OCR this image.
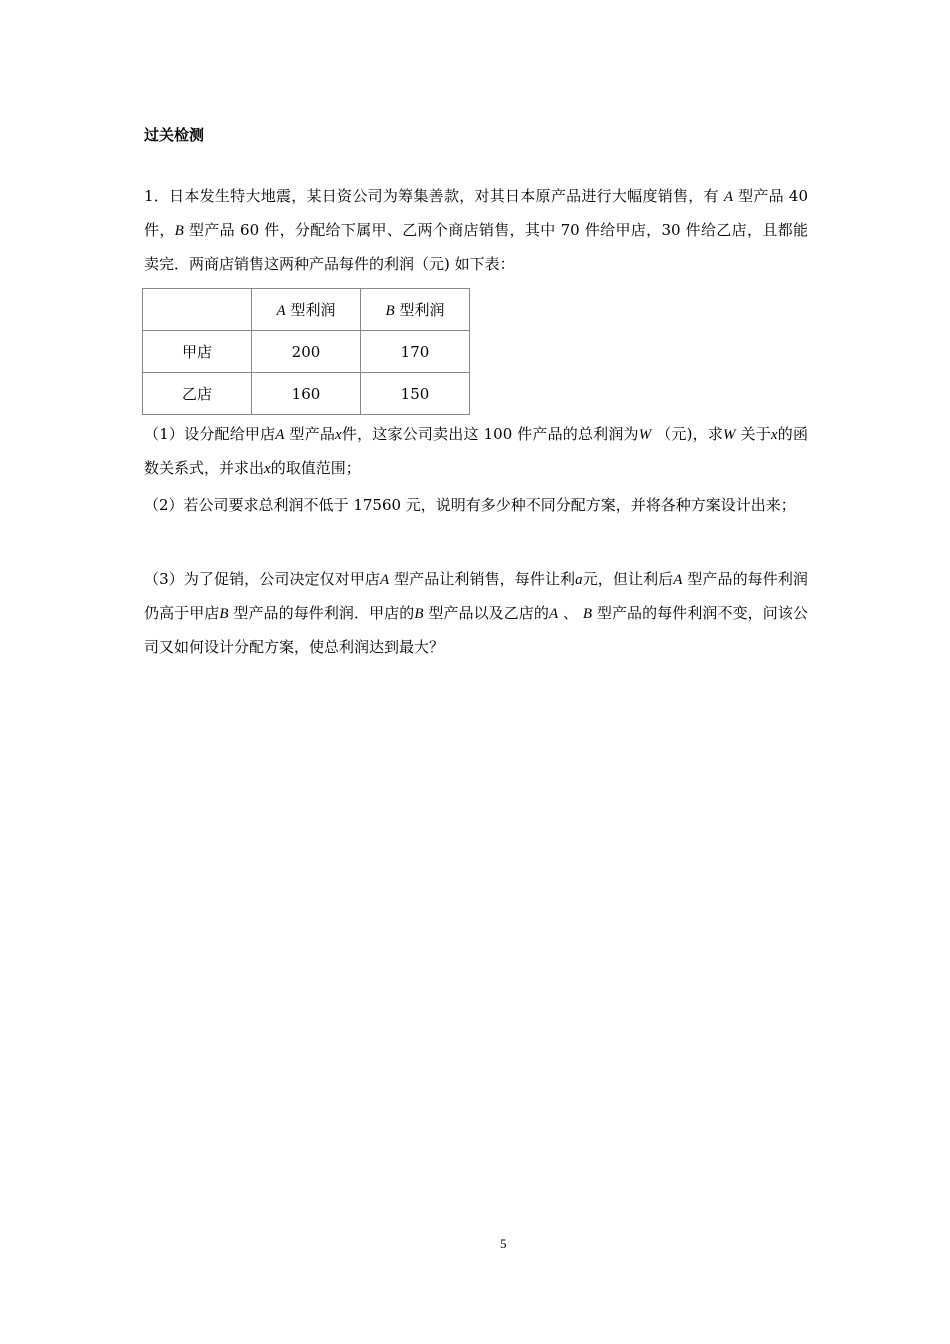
过关检测
1．日本发生特大地震，某日资公司为筹集善款，对其日本原产品进行大幅度销售，有 A 型产品 40 件，B 型产品 60 件，分配给下属甲、乙两个商店销售，其中 70 件给甲店，30 件给乙店，且都能卖完．两商店销售这两种产品每件的利润（元) 如下表：
	A 型利润	B 型利润
甲店	200	170
乙店	160	150
（1）设分配给甲店A 型产品x件，这家公司卖出这 100 件产品的总利润为W （元)，求W 关于x的函数关系式，并求出x的取值范围；
（2）若公司要求总利润不低于 17560 元，说明有多少种不同分配方案，并将各种方案设计出来；
（3）为了促销，公司决定仅对甲店A 型产品让利销售，每件让利a元，但让利后A 型产品的每件利润仍高于甲店B 型产品的每件利润．甲店的B 型产品以及乙店的A 、 B 型产品的每件利润不变，问该公司又如何设计分配方案，使总利润达到最大？
5
